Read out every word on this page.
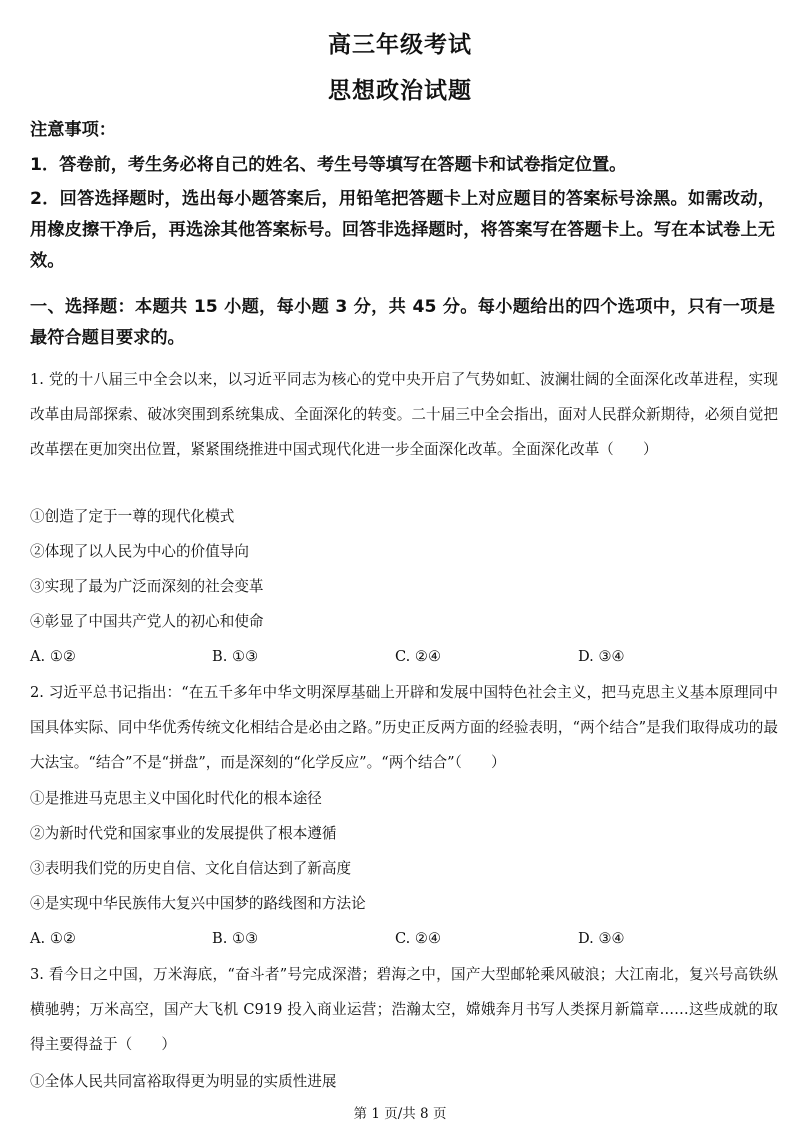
高三年级考试
思想政治试题

注意事项：

1．答卷前，考生务必将自己的姓名、考生号等填写在答题卡和试卷指定位置。

2．回答选择题时，选出每小题答案后，用铅笔把答题卡上对应题目的答案标号涂黑。如需改动，用橡皮擦干净后，再选涂其他答案标号。回答非选择题时，将答案写在答题卡上。写在本试卷上无效。

一、选择题：本题共 15 小题，每小题 3 分，共 45 分。每小题给出的四个选项中，只有一项是最符合题目要求的。

1. 党的十八届三中全会以来，以习近平同志为核心的党中央开启了气势如虹、波澜壮阔的全面深化改革进程，实现改革由局部探索、破冰突围到系统集成、全面深化的转变。二十届三中全会指出，面对人民群众新期待，必须自觉把改革摆在更加突出位置，紧紧围绕推进中国式现代化进一步全面深化改革。全面深化改革（　　）

①创造了定于一尊的现代化模式

②体现了以人民为中心的价值导向

③实现了最为广泛而深刻的社会变革

④彰显了中国共产党人的初心和使命

A. ①②	B. ①③	C. ②④	D. ③④

2. 习近平总书记指出：“在五千多年中华文明深厚基础上开辟和发展中国特色社会主义，把马克思主义基本原理同中国具体实际、同中华优秀传统文化相结合是必由之路。”历史正反两方面的经验表明，“两个结合”是我们取得成功的最大法宝。“结合”不是“拼盘”，而是深刻的“化学反应”。“两个结合”（　　）

①是推进马克思主义中国化时代化的根本途径

②为新时代党和国家事业的发展提供了根本遵循

③表明我们党的历史自信、文化自信达到了新高度

④是实现中华民族伟大复兴中国梦的路线图和方法论

A. ①②	B. ①③	C. ②④	D. ③④

3. 看今日之中国，万米海底，“奋斗者”号完成深潜；碧海之中，国产大型邮轮乘风破浪；大江南北，复兴号高铁纵横驰骋；万米高空，国产大飞机 C919 投入商业运营；浩瀚太空，嫦娥奔月书写人类探月新篇章……这些成就的取得主要得益于（　　）

①全体人民共同富裕取得更为明显的实质性进展

第 1 页/共 8 页
